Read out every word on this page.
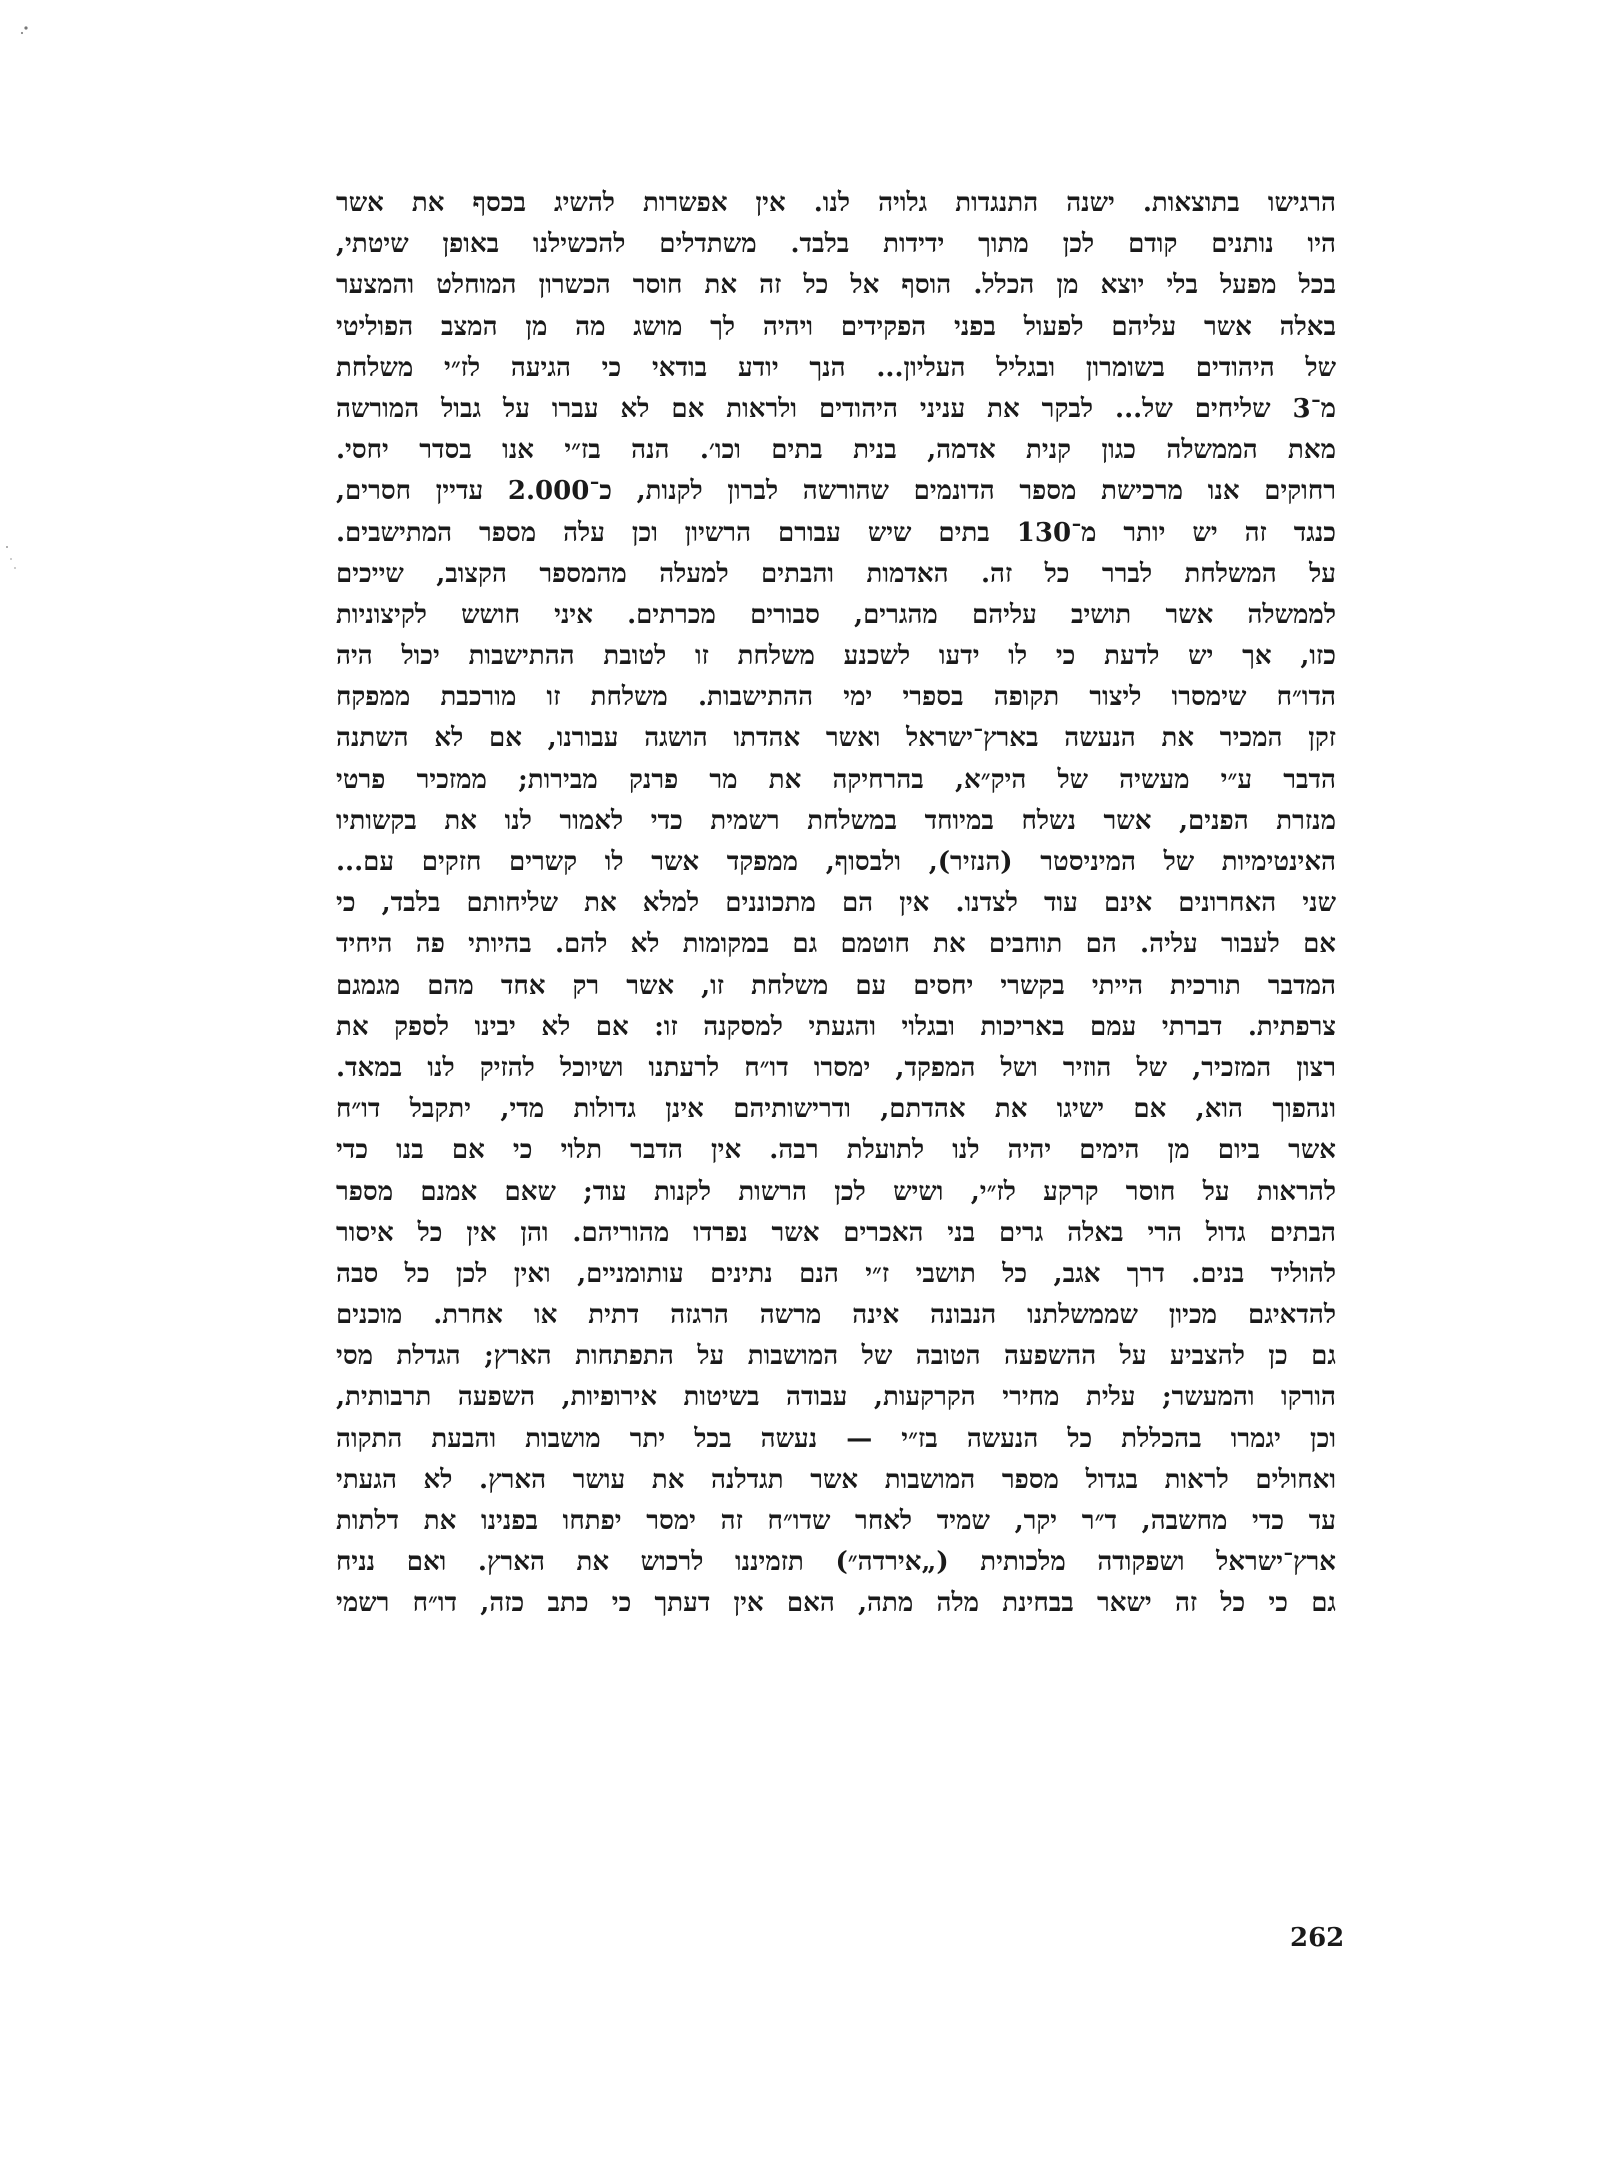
הרגישו בתוצאות. ישנה התנגדות גלויה לנו. אין אפשרות להשיג בכסף את אשר
היו נותנים קודם לכן מתוך ידידות בלבד. משתדלים להכשילנו באופן שיטתי,
בכל מפעל בלי יוצא מן הכלל. הוסף אל כל זה את חוסר הכשרון המוחלט והמצער
באלה אשר עליהם לפעול בפני הפקידים ויהיה לך מושג מה מן המצב הפוליטי
של היהודים בשומרון ובגליל העליון... הנך יודע בודאי כי הגיעה לז״י משלחת
מ־3 שליחים של... לבקר את עניני היהודים ולראות אם לא עברו על גבול המורשה
מאת הממשלה כגון קנית אדמה, בנית בתים וכו׳. הנה בז״י אנו בסדר יחסי.
רחוקים אנו מרכישת מספר הדונמים שהורשה לברון לקנות, כ־2.000 עדיין חסרים,
כנגד זה יש יותר מ־130 בתים שיש עבורם הרשיון וכן עלה מספר המתישבים.
על המשלחת לברר כל זה. האדמות והבתים למעלה מהמספר הקצוב, שייכים
לממשלה אשר תושיב עליהם מהגרים, סבורים מכרתים. איני חושש לקיצוניות
כזו, אך יש לדעת כי לו ידעו לשכנע משלחת זו לטובת ההתישבות יכול היה
הדו״ח שימסרו ליצור תקופה בספרי ימי ההתישבות. משלחת זו מורכבת ממפקח
זקן המכיר את הנעשה בארץ־ישראל ואשר אהדתו הושגה עבורנו, אם לא השתנה
הדבר ע״י מעשיה של היק״א, בהרחיקה את מר פרנק מבירות; ממזכיר פרטי
מנזרת הפנים, אשר נשלח במיוחד במשלחת רשמית כדי לאמור לנו את בקשותיו
האינטימיות של המיניסטר (הנזיר), ולבסוף, ממפקד אשר לו קשרים חזקים עם...
שני האחרונים אינם עוד לצדנו. אין הם מתכוננים למלא את שליחותם בלבד, כי
אם לעבור עליה. הם תוחבים את חוטמם גם במקומות לא להם. בהיותי פה היחיד
המדבר תורכית הייתי בקשרי יחסים עם משלחת זו, אשר רק אחד מהם מגמגם
צרפתית. דברתי עמם באריכות ובגלוי והגעתי למסקנה זו: אם לא יבינו לספק את
רצון המזכיר, של הוזיר ושל המפקד, ימסרו דו״ח לרעתנו ושיוכל להזיק לנו במאד.
ונהפוך הוא, אם ישיגו את אהדתם, ודרישותיהם אינן גדולות מדי, יתקבל דו״ח
אשר ביום מן הימים יהיה לנו לתועלת רבה. אין הדבר תלוי כי אם בנו כדי
להראות על חוסר קרקע לז״י, ושיש לכן הרשות לקנות עוד; שאם אמנם מספר
הבתים גדול הרי באלה גרים בני האכרים אשר נפרדו מהוריהם. והן אין כל איסור
להוליד בנים. דרך אגב, כל תושבי ז״י הנם נתינים עותומניים, ואין לכן כל סבה
להדאיגם מכיון שממשלתנו הנבונה אינה מרשה הרגזה דתית או אחרת. מוכנים
גם כן להצביע על ההשפעה הטובה של המושבות על התפתחות הארץ; הגדלת מסי
הורקו והמעשר; עלית מחירי הקרקעות, עבודה בשיטות אירופיות, השפעה תרבותית,
וכן יגמרו בהכללת כל הנעשה בז״י — נעשה בכל יתר מושבות והבעת התקוה
ואחולים לראות בגדול מספר המושבות אשר תגדלנה את עושר הארץ. לא הגעתי
עד כדי מחשבה, ד״ר יקר, שמיד לאחר שדו״ח זה ימסר יפתחו בפנינו את דלתות
ארץ־ישראל ושפקודה מלכותית („אירדה״) תזמיננו לרכוש את הארץ. ואם נניח
גם כי כל זה ישאר בבחינת מלה מתה, האם אין דעתך כי כתב כזה, דו״ח רשמי
262
